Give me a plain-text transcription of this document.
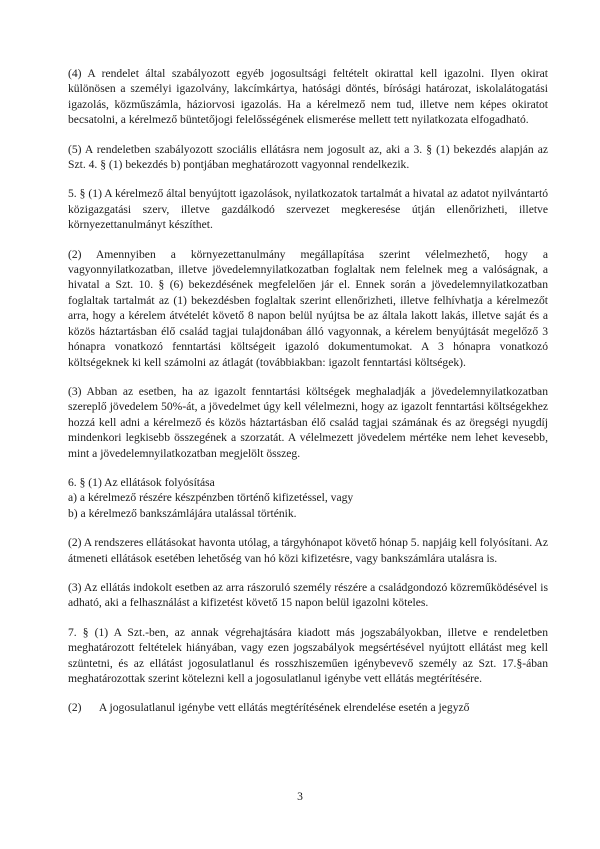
(4) A rendelet által szabályozott egyéb jogosultsági feltételt okirattal kell igazolni. Ilyen okirat különösen a személyi igazolvány, lakcímkártya, hatósági döntés, bírósági határozat, iskolalátogatási igazolás, közműszámla, háziorvosi igazolás. Ha a kérelmező nem tud, illetve nem képes okiratot becsatolni, a kérelmező büntetőjogi felelősségének elismerése mellett tett nyilatkozata elfogadható.

(5) A rendeletben szabályozott szociális ellátásra nem jogosult az, aki a 3. § (1) bekezdés alapján az Szt. 4. § (1) bekezdés b) pontjában meghatározott vagyonnal rendelkezik.

5. § (1) A kérelmező által benyújtott igazolások, nyilatkozatok tartalmát a hivatal az adatot nyilvántartó közigazgatási szerv, illetve gazdálkodó szervezet megkeresése útján ellenőrizheti, illetve környezettanulmányt készíthet.

(2) Amennyiben a környezettanulmány megállapítása szerint vélelmezhető, hogy a vagyonnyilatkozatban, illetve jövedelemnyilatkozatban foglaltak nem felelnek meg a valóságnak, a hivatal a Szt. 10. § (6) bekezdésének megfelelően jár el. Ennek során a jövedelemnyilatkozatban foglaltak tartalmát az (1) bekezdésben foglaltak szerint ellenőrizheti, illetve felhívhatja a kérelmezőt arra, hogy a kérelem átvételét követő 8 napon belül nyújtsa be az általa lakott lakás, illetve saját és a közös háztartásban élő család tagjai tulajdonában álló vagyonnak, a kérelem benyújtását megelőző 3 hónapra vonatkozó fenntartási költségeit igazoló dokumentumokat. A 3 hónapra vonatkozó költségeknek ki kell számolni az átlagát (továbbiakban: igazolt fenntartási költségek).

(3) Abban az esetben, ha az igazolt fenntartási költségek meghaladják a jövedelemnyilatkozatban szereplő jövedelem 50%-át, a jövedelmet úgy kell vélelmezni, hogy az igazolt fenntartási költségekhez hozzá kell adni a kérelmező és közös háztartásban élő család tagjai számának és az öregségi nyugdíj mindenkori legkisebb összegének a szorzatát. A vélelmezett jövedelem mértéke nem lehet kevesebb, mint a jövedelemnyilatkozatban megjelölt összeg.

6. § (1) Az ellátások folyósítása

a) a kérelmező részére készpénzben történő kifizetéssel, vagy

b) a kérelmező bankszámlájára utalással történik.

(2) A rendszeres ellátásokat havonta utólag, a tárgyhónapot követő hónap 5. napjáig kell folyósítani. Az átmeneti ellátások esetében lehetőség van hó közi kifizetésre, vagy bankszámlára utalásra is.

(3) Az ellátás indokolt esetben az arra rászoruló személy részére a családgondozó közreműködésével is adható, aki a felhasználást a kifizetést követő 15 napon belül igazolni köteles.

7. § (1) A Szt.-ben, az annak végrehajtására kiadott más jogszabályokban, illetve e rendeletben meghatározott feltételek hiányában, vagy ezen jogszabályok megsértésével nyújtott ellátást meg kell szüntetni, és az ellátást jogosulatlanul és rosszhiszeműen igénybevevő személy az Szt. 17.§-ában meghatározottak szerint kötelezni kell a jogosulatlanul igénybe vett ellátás megtérítésére.

(2)      A jogosulatlanul igénybe vett ellátás megtérítésének elrendelése esetén a jegyző

3
